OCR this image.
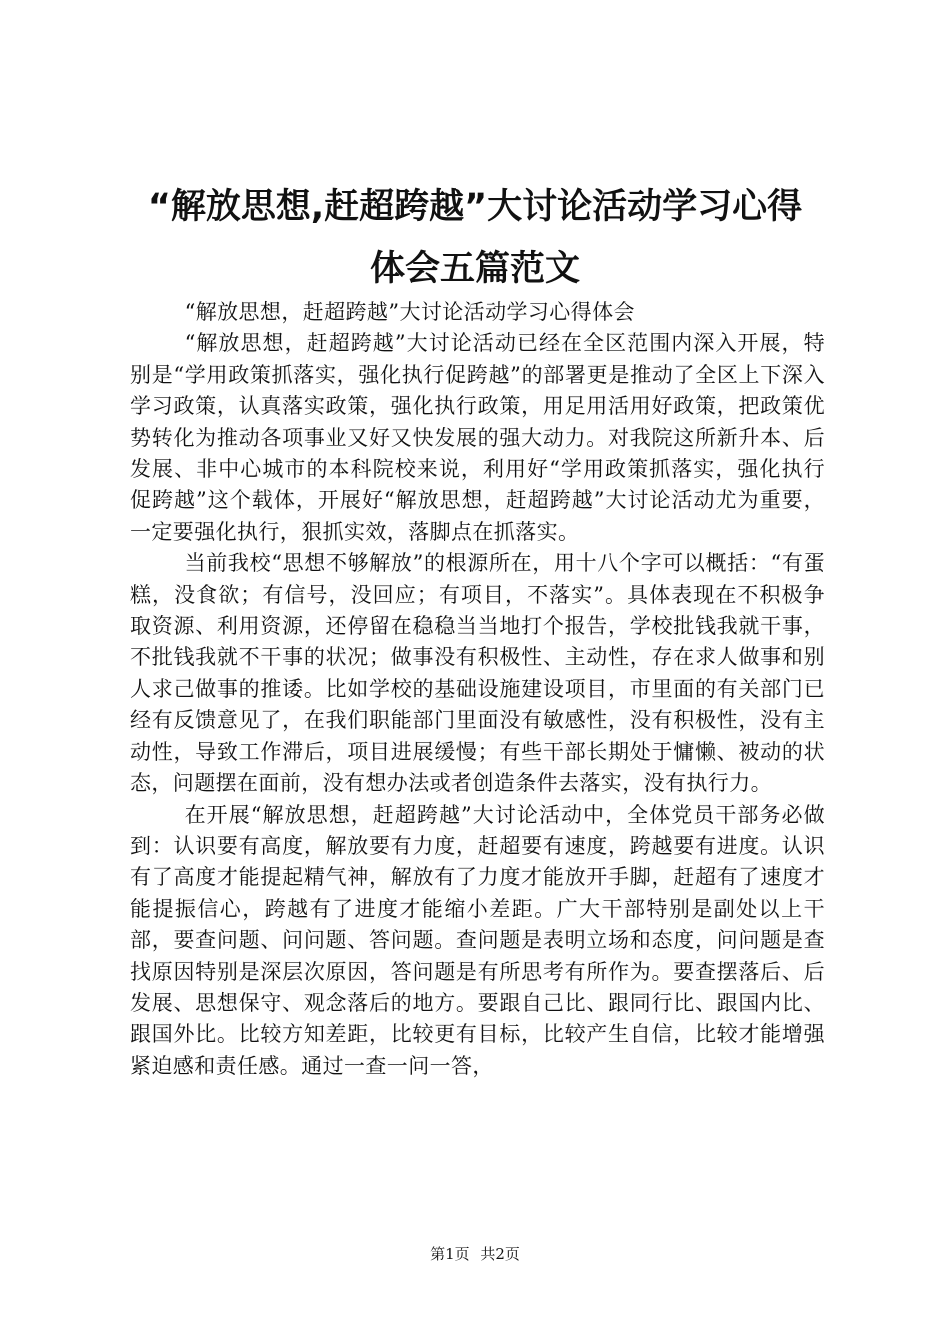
“解放思想,赶超跨越”大讨论活动学习心得
体会五篇范文

“解放思想，赶超跨越”大讨论活动学习心得体会

“解放思想，赶超跨越”大讨论活动已经在全区范围内深入开展，特别是“学用政策抓落实，强化执行促跨越”的部署更是推动了全区上下深入学习政策，认真落实政策，强化执行政策，用足用活用好政策，把政策优势转化为推动各项事业又好又快发展的强大动力。对我院这所新升本、后发展、非中心城市的本科院校来说，利用好“学用政策抓落实，强化执行促跨越”这个载体，开展好“解放思想，赶超跨越”大讨论活动尤为重要，一定要强化执行，狠抓实效，落脚点在抓落实。

当前我校“思想不够解放”的根源所在，用十八个字可以概括：“有蛋糕，没食欲；有信号，没回应；有项目，不落实”。具体表现在不积极争取资源、利用资源，还停留在稳稳当当地打个报告，学校批钱我就干事，不批钱我就不干事的状况；做事没有积极性、主动性，存在求人做事和别人求己做事的推诿。比如学校的基础设施建设项目，市里面的有关部门已经有反馈意见了，在我们职能部门里面没有敏感性，没有积极性，没有主动性，导致工作滞后，项目进展缓慢；有些干部长期处于慵懒、被动的状态，问题摆在面前，没有想办法或者创造条件去落实，没有执行力。

在开展“解放思想，赶超跨越”大讨论活动中，全体党员干部务必做到：认识要有高度，解放要有力度，赶超要有速度，跨越要有进度。认识有了高度才能提起精气神，解放有了力度才能放开手脚，赶超有了速度才能提振信心，跨越有了进度才能缩小差距。广大干部特别是副处以上干部，要查问题、问问题、答问题。查问题是表明立场和态度，问问题是查找原因特别是深层次原因，答问题是有所思考有所作为。要查摆落后、后发展、思想保守、观念落后的地方。要跟自己比、跟同行比、跟国内比、跟国外比。比较方知差距，比较更有目标，比较产生自信，比较才能增强紧迫感和责任感。通过一查一问一答，

第1页 共2页
